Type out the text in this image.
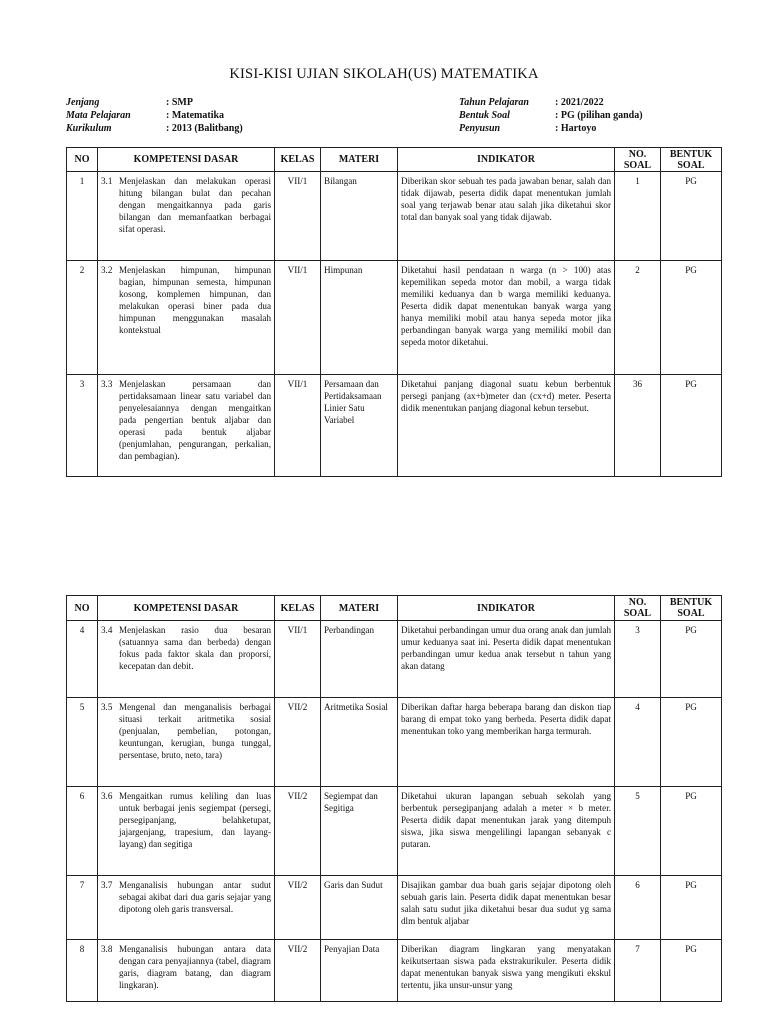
KISI-KISI UJIAN SIKOLAH(US) MATEMATIKA
Jenjang	: SMP
Mata Pelajaran	: Matematika
Kurikulum	: 2013 (Balitbang)
Tahun Pelajaran	: 2021/2022
Bentuk Soal	: PG (pilihan ganda)
Penyusun	: Hartoyo
NO	KOMPETENSI DASAR	KELAS	MATERI	INDIKATOR	NO. SOAL	BENTUK SOAL
1	3.1 Menjelaskan dan melakukan operasi hitung bilangan bulat dan pecahan dengan mengaitkannya pada garis bilangan dan memanfaatkan berbagai sifat operasi.	VII/1	Bilangan	Diberikan skor sebuah tes pada jawaban benar, salah dan tidak dijawab, peserta didik dapat menentukan jumlah soal yang terjawab benar atau salah jika diketahui skor total dan banyak soal yang tidak dijawab.	1	PG
2	3.2 Menjelaskan himpunan, himpunan bagian, himpunan semesta, himpunan kosong, komplemen himpunan, dan melakukan operasi biner pada dua himpunan menggunakan masalah kontekstual	VII/1	Himpunan	Diketahui hasil pendataan n warga (n > 100) atas kepemilikan sepeda motor dan mobil, a warga tidak memiliki keduanya dan b warga memiliki keduanya. Peserta didik dapat menentukan banyak warga yang hanya memiliki mobil atau hanya sepeda motor jika perbandingan banyak warga yang memiliki mobil dan sepeda motor diketahui.	2	PG
3	3.3 Menjelaskan persamaan dan pertidaksamaan linear satu variabel dan penyelesaiannya dengan mengaitkan pada pengertian bentuk aljabar dan operasi pada bentuk aljabar (penjumlahan, pengurangan, perkalian, dan pembagian).	VII/1	Persamaan dan Pertidaksamaan Linier Satu Variabel	Diketahui panjang diagonal suatu kebun berbentuk persegi panjang (ax+b)meter dan (cx+d) meter. Peserta didik menentukan panjang diagonal kebun tersebut.	36	PG
NO	KOMPETENSI DASAR	KELAS	MATERI	INDIKATOR	NO. SOAL	BENTUK SOAL
4	3.4 Menjelaskan rasio dua besaran (satuannya sama dan berbeda) dengan fokus pada faktor skala dan proporsi, kecepatan dan debit.	VII/1	Perbandingan	Diketahui perbandingan umur dua orang anak dan jumlah umur keduanya saat ini. Peserta didik dapat menentukan perbandingan umur kedua anak tersebut n tahun yang akan datang	3	PG
5	3.5 Mengenal dan menganalisis berbagai situasi terkait aritmetika sosial (penjualan, pembelian, potongan, keuntungan, kerugian, bunga tunggal, persentase, bruto, neto, tara)	VII/2	Aritmetika Sosial	Diberikan daftar harga beberapa barang dan diskon tiap barang di empat toko yang berbeda. Peserta didik dapat menentukan toko yang memberikan harga termurah.	4	PG
6	3.6 Mengaitkan rumus keliling dan luas untuk berbagai jenis segiempat (persegi, persegipanjang, belahketupat, jajargenjang, trapesium, dan layang-layang) dan segitiga	VII/2	Segiempat dan Segitiga	Diketahui ukuran lapangan sebuah sekolah yang berbentuk persegipanjang adalah a meter × b meter. Peserta didik dapat menentukan jarak yang ditempuh siswa, jika siswa mengelilingi lapangan sebanyak c putaran.	5	PG
7	3.7 Menganalisis hubungan antar sudut sebagai akibat dari dua garis sejajar yang dipotong oleh garis transversal.	VII/2	Garis dan Sudut	Disajikan gambar dua buah garis sejajar dipotong oleh sebuah garis lain. Peserta didik dapat menentukan besar salah satu sudut jika diketahui besar dua sudut yg sama dlm bentuk aljabar	6	PG
8	3.8 Menganalisis hubungan antara data dengan cara penyajiannya (tabel, diagram garis, diagram batang, dan diagram lingkaran).	VII/2	Penyajian Data	Diberikan diagram lingkaran yang menyatakan keikutsertaan siswa pada ekstrakurikuler. Peserta didik dapat menentukan banyak siswa yang mengikuti ekskul tertentu, jika unsur-unsur yang	7	PG
